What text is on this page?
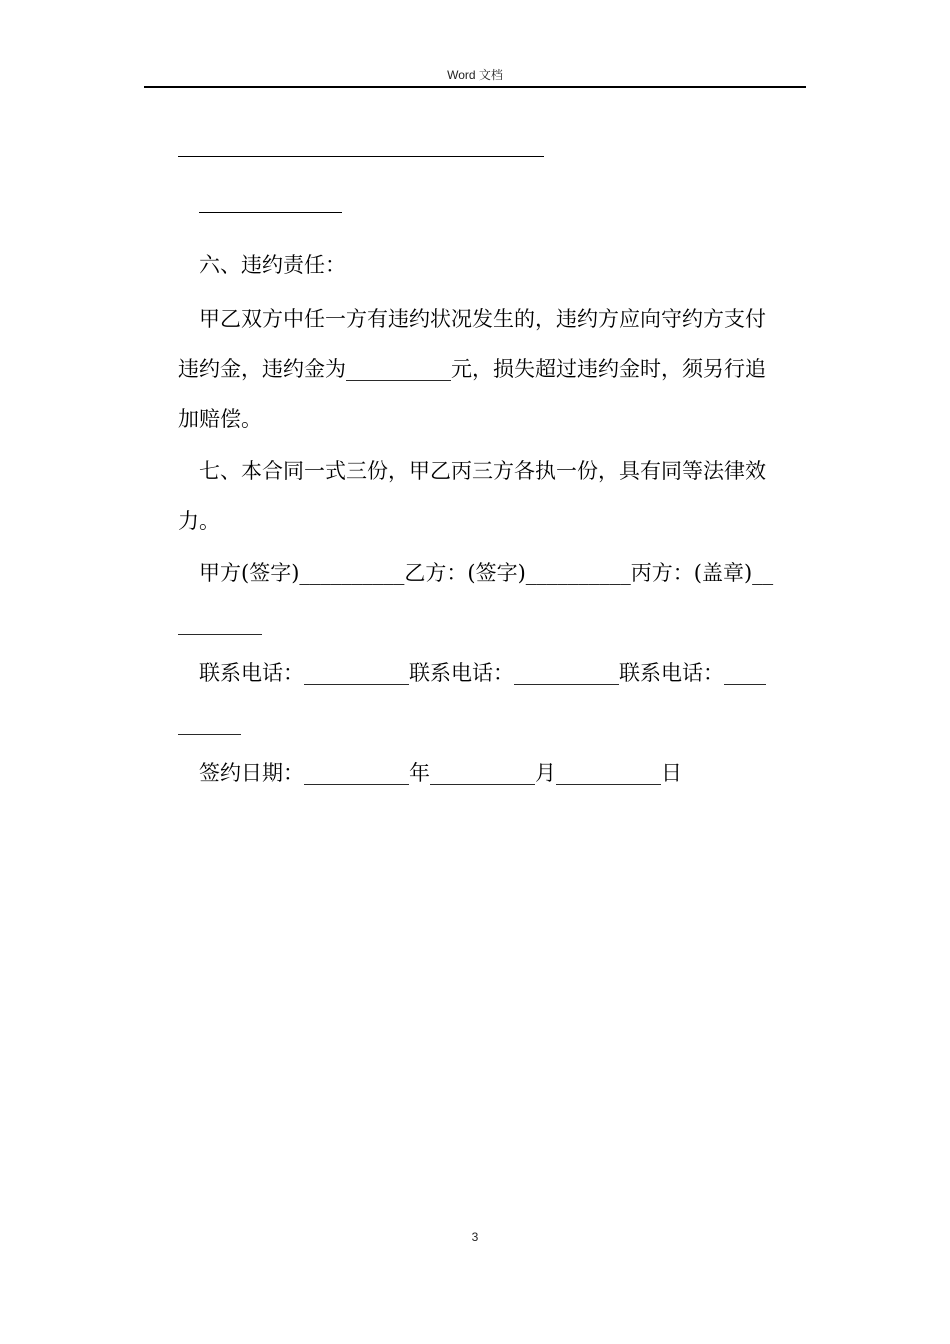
Word 文档

六、违约责任：

甲乙双方中任一方有违约状况发生的，违约方应向守约方支付

违约金，违约金为__________元，损失超过违约金时，须另行追

加赔偿。

七、本合同一式三份，甲乙丙三方各执一份，具有同等法律效

力。

甲方(签字)__________乙方：(签字)__________丙方：(盖章)__

________

联系电话：__________联系电话：__________联系电话：____

______

签约日期：__________年__________月__________日

3
